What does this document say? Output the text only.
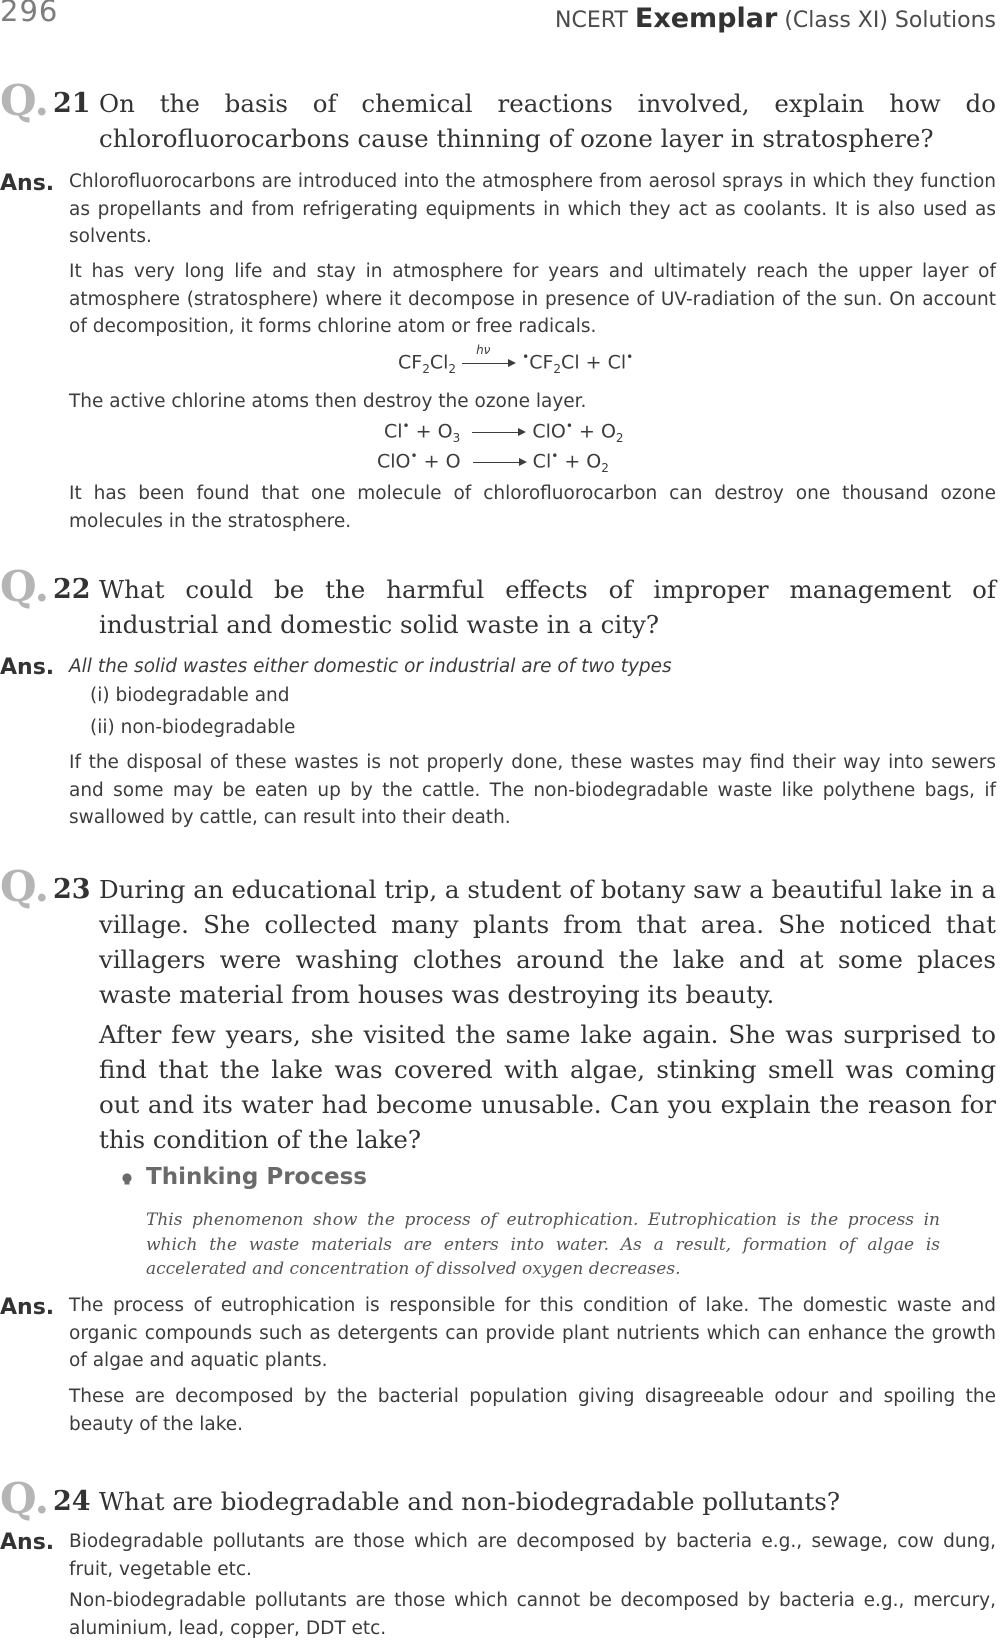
296	NCERT Exemplar (Class XI) Solutions
Q. 21 On the basis of chemical reactions involved, explain how do chlorofluorocarbons cause thinning of ozone layer in stratosphere?
Ans. Chlorofluorocarbons are introduced into the atmosphere from aerosol sprays in which they function as propellants and from refrigerating equipments in which they act as coolants. It is also used as solvents.

It has very long life and stay in atmosphere for years and ultimately reach the upper layer of atmosphere (stratosphere) where it decompose in presence of UV-radiation of the sun. On account of decomposition, it forms chlorine atom or free radicals.

$CF_2Cl_2$
hν
$^•CF_2Cl + Cl^•$

The active chlorine atoms then destroy the ozone layer.

$Cl^• + O_3$	$ClO^• + O_2$
ClO• + O	$Cl^• + O_2$

It has been found that one molecule of chlorofluorocarbon can destroy one thousand ozone molecules in the stratosphere.

Q. 22 What could be the harmful effects of improper management of industrial and domestic solid waste in a city?
Ans. All the solid wastes either domestic or industrial are of two types

(i) biodegradable and
(ii) non-biodegradable

If the disposal of these wastes is not properly done, these wastes may find their way into sewers and some may be eaten up by the cattle. The non-biodegradable waste like polythene bags, if swallowed by cattle, can result into their death.

Q. 23 During an educational trip, a student of botany saw a beautiful lake in a village. She collected many plants from that area. She noticed that villagers were washing clothes around the lake and at some places waste material from houses was destroying its beauty.
After few years, she visited the same lake again. She was surprised to find that the lake was covered with algae, stinking smell was coming out and its water had become unusable. Can you explain the reason for this condition of the lake?
Thinking Process

This phenomenon show the process of eutrophication. Eutrophication is the process in which the waste materials are enters into water. As a result, formation of algae is accelerated and concentration of dissolved oxygen decreases.

Ans. The process of eutrophication is responsible for this condition of lake. The domestic waste and organic compounds such as detergents can provide plant nutrients which can enhance the growth of algae and aquatic plants.

These are decomposed by the bacterial population giving disagreeable odour and spoiling the beauty of the lake.

Q. 24 What are biodegradable and non-biodegradable pollutants?
Ans. Biodegradable pollutants are those which are decomposed by bacteria e.g., sewage, cow dung, fruit, vegetable etc.

Non-biodegradable pollutants are those which cannot be decomposed by bacteria e.g., mercury, aluminium, lead, copper, DDT etc.
